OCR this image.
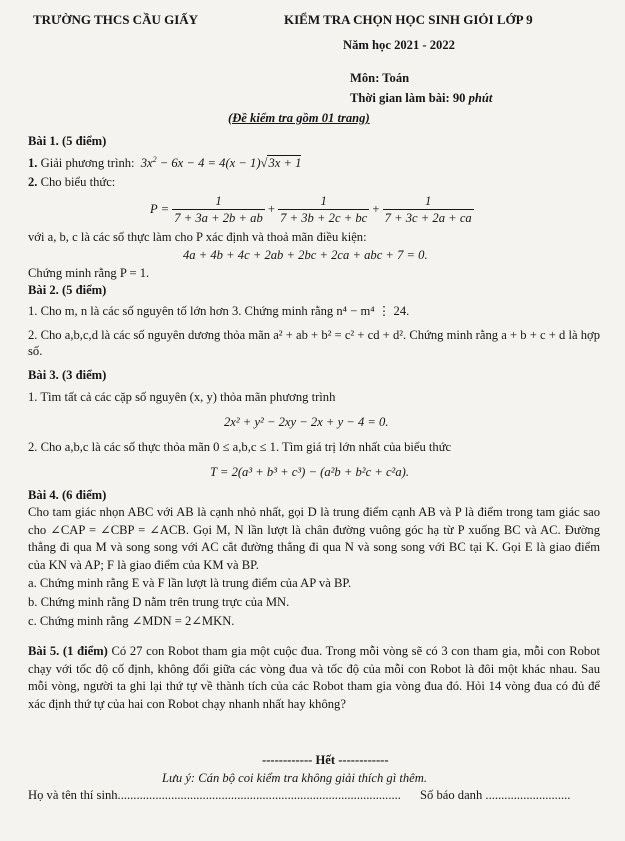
TRƯỜNG THCS CẦU GIẤY	KIỂM TRA CHỌN HỌC SINH GIỎI LỚP 9
Năm học 2021 - 2022
Môn: Toán
Thời gian làm bài: 90 phút
(Đề kiểm tra gồm 01 trang)
Bài 1. (5 điểm)
1. Giải phương trình: $3x^2 - 6x - 4 = 4(x - 1)√3x + 1$
2. Cho biểu thức:
$P = \frac{1}{7 + 3a + 2b + ab} + \frac{1}{7 + 3b + 2c + bc} + \frac{1}{7 + 3c + 2a + ca}$
với a, b, c là các số thực làm cho P xác định và thoả mãn điều kiện:
4a + 4b + 4c + 2ab + 2bc + 2ca + abc + 7 = 0.
Chứng minh rằng P = 1.
Bài 2. (5 điểm)
1. Cho m, n là các số nguyên tố lớn hơn 3. Chứng minh rằng n⁴ − m⁴ ⋮ 24.
2. Cho a,b,c,d là các số nguyên dương thỏa mãn a² + ab + b² = c² + cd + d². Chứng minh rằng a + b + c + d là hợp số.
Bài 3. (3 điểm)
1. Tìm tất cả các cặp số nguyên (x, y) thỏa mãn phương trình
2x² + y² − 2xy − 2x + y − 4 = 0.
2. Cho a,b,c là các số thực thỏa mãn 0 ≤ a,b,c ≤ 1. Tìm giá trị lớn nhất của biểu thức
T = 2(a³ + b³ + c³) − (a²b + b²c + c²a).
Bài 4. (6 điểm)
Cho tam giác nhọn ABC với AB là cạnh nhỏ nhất, gọi D là trung điểm cạnh AB và P là điểm trong tam giác sao cho ∠CAP = ∠CBP = ∠ACB. Gọi M, N lần lượt là chân đường vuông góc hạ từ P xuống BC và AC. Đường thẳng đi qua M và song song với AC cắt đường thẳng đi qua N và song song với BC tại K. Gọi E là giao điểm của KN và AP; F là giao điểm của KM và BP.
a. Chứng minh rằng E và F lần lượt là trung điểm của AP và BP.
b. Chứng minh rằng D nằm trên trung trực của MN.
c. Chứng minh rằng ∠MDN = 2∠MKN.
Bài 5. (1 điểm) Có 27 con Robot tham gia một cuộc đua. Trong mỗi vòng sẽ có 3 con tham gia, mỗi con Robot chạy với tốc độ cố định, không đổi giữa các vòng đua và tốc độ của mỗi con Robot là đôi một khác nhau. Sau mỗi vòng, người ta ghi lại thứ tự về thành tích của các Robot tham gia vòng đua đó. Hỏi 14 vòng đua có đủ để xác định thứ tự của hai con Robot chạy nhanh nhất hay không?
------------ Hết ------------
Lưu ý: Cán bộ coi kiểm tra không giải thích gì thêm.
Họ và tên thí sinh.......................................................................................... Số báo danh ...........................
